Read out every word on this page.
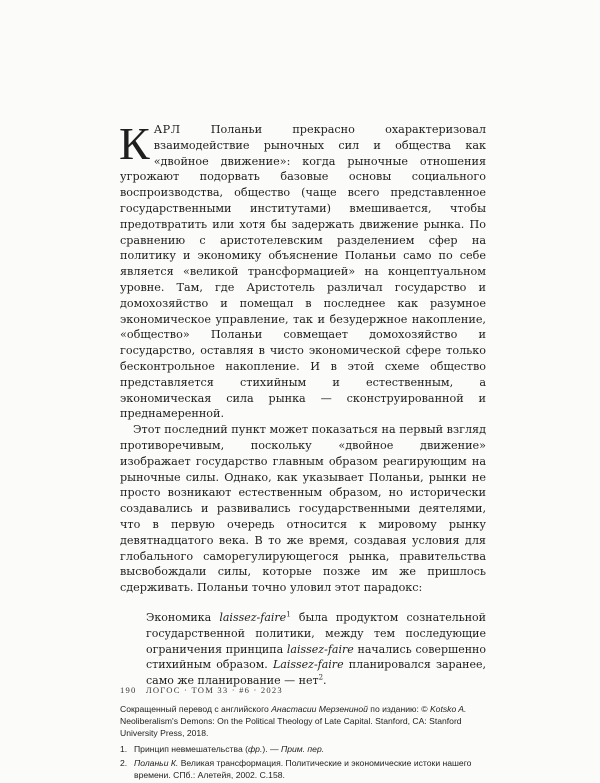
КАРЛ Поланьи прекрасно охарактеризовал взаимодействие рыночных сил и общества как «двойное движение»: когда рыночные отношения угрожают подорвать базовые основы социального воспроизводства, общество (чаще всего представленное государственными институтами) вмешивается, чтобы предотвратить или хотя бы задержать движение рынка. По сравнению с аристотелевским разделением сфер на политику и экономику объяснение Поланьи само по себе является «великой трансформацией» на концептуальном уровне. Там, где Аристотель различал государство и домохозяйство и помещал в последнее как разумное экономическое управление, так и безудержное накопление, «общество» Поланьи совмещает домохозяйство и государство, оставляя в чисто экономической сфере только бесконтрольное накопление. И в этой схеме общество представляется стихийным и естественным, а экономическая сила рынка — сконструированной и преднамеренной.

Этот последний пункт может показаться на первый взгляд противоречивым, поскольку «двойное движение» изображает государство главным образом реагирующим на рыночные силы. Однако, как указывает Поланьи, рынки не просто возникают естественным образом, но исторически создавались и развивались государственными деятелями, что в первую очередь относится к мировому рынку девятнадцатого века. В то же время, создавая условия для глобального саморегулирующегося рынка, правительства высвобождали силы, которые позже им же пришлось сдерживать. Поланьи точно уловил этот парадокс:

Экономика laissez-faire$^1$ была продуктом сознательной государственной политики, между тем последующие ограничения принципа laissez-faire начались совершенно стихийным образом. Laissez-faire планировался заранее, само же планирование — нет$^2$.

Сокращенный перевод с английского Анастасии Мерзениной по изданию: © Kotsko A. Neoliberalism's Demons: On the Political Theology of Late Capital. Stanford, CA: Stanford University Press, 2018.

1. Принцип невмешательства (фр.). — Прим. пер.
2. Поланьи К. Великая трансформация. Политические и экономические истоки нашего времени. СПб.: Алетейя, 2002. С.158.
190 ЛОГОС · ТОМ 33 · #6 · 2023
